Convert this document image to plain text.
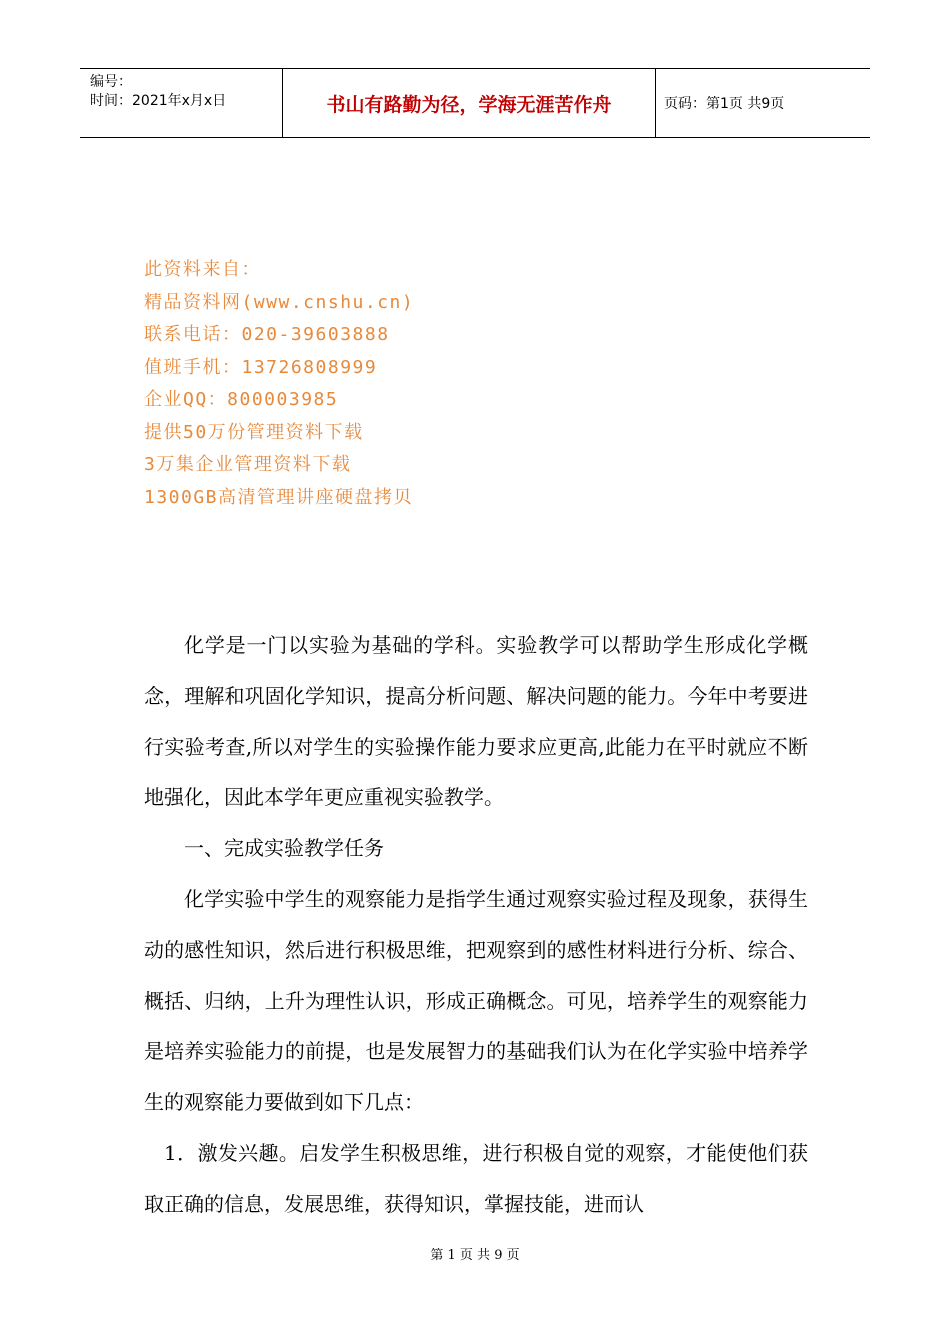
编号：
时间：2021年x月x日	书山有路勤为径，学海无涯苦作舟	页码：第1页 共9页
此资料来自：
精品资料网(www.cnshu.cn)
联系电话：020-39603888
值班手机：13726808999
企业QQ：800003985
提供50万份管理资料下载
3万集企业管理资料下载
1300GB高清管理讲座硬盘拷贝

化学是一门以实验为基础的学科。实验教学可以帮助学生形成化学概念，理解和巩固化学知识，提高分析问题、解决问题的能力。今年中考要进行实验考查,所以对学生的实验操作能力要求应更高,此能力在平时就应不断地强化，因此本学年更应重视实验教学。

一、完成实验教学任务

化学实验中学生的观察能力是指学生通过观察实验过程及现象，获得生动的感性知识，然后进行积极思维，把观察到的感性材料进行分析、综合、概括、归纳，上升为理性认识，形成正确概念。可见，培养学生的观察能力是培养实验能力的前提，也是发展智力的基础我们认为在化学实验中培养学生的观察能力要做到如下几点：

1．激发兴趣。启发学生积极思维，进行积极自觉的观察，才能使他们获取正确的信息，发展思维，获得知识，掌握技能，进而认

第 1 页 共 9 页
